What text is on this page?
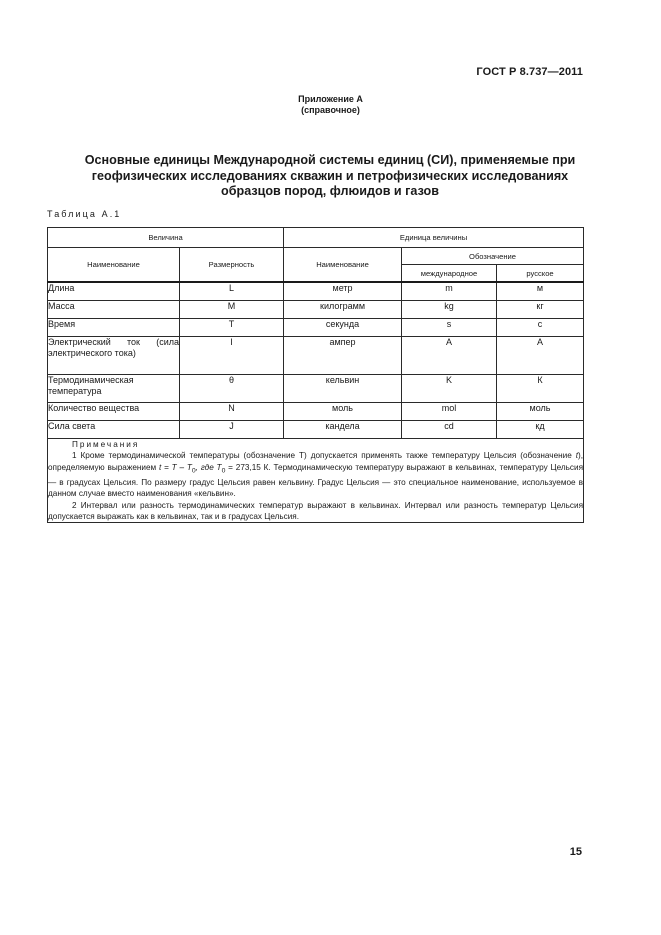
ГОСТ Р 8.737—2011
Приложение А
(справочное)
Основные единицы Международной системы единиц (СИ), применяемые при
геофизических исследованиях скважин и петрофизических исследованиях
образцов пород, флюидов и газов
Таблица А.1
Величина		Единица величины		
Наименование	Размерность	Наименование	Обозначение	
			международное	русское
Длина	L	метр	m	м
Масса	M	килограмм	kg	кг
Время	T	секунда	s	с
Электрический ток (сила электрического тока)	I	ампер	A	А
Термодинамическая температура	θ	кельвин	K	К
Количество вещества	N	моль	mol	моль
Сила света	J	кандела	cd	кд

Примечания

1 Кроме термодинамической температуры (обозначение T) допускается применять также температуру Цельсия (обозначение t), определяемую выражением $t = T - T_0$, где $T_0 = 273,15$ К. Термодинамическую температуру выражают в кельвинах, температуру Цельсия — в градусах Цельсия. По размеру градус Цельсия равен кельвину. Градус Цельсия — это специальное наименование, используемое в данном случае вместо наименования «кельвин».

2 Интервал или разность термодинамических температур выражают в кельвинах. Интервал или разность температур Цельсия допускается выражать как в кельвинах, так и в градусах Цельсия.				

15
